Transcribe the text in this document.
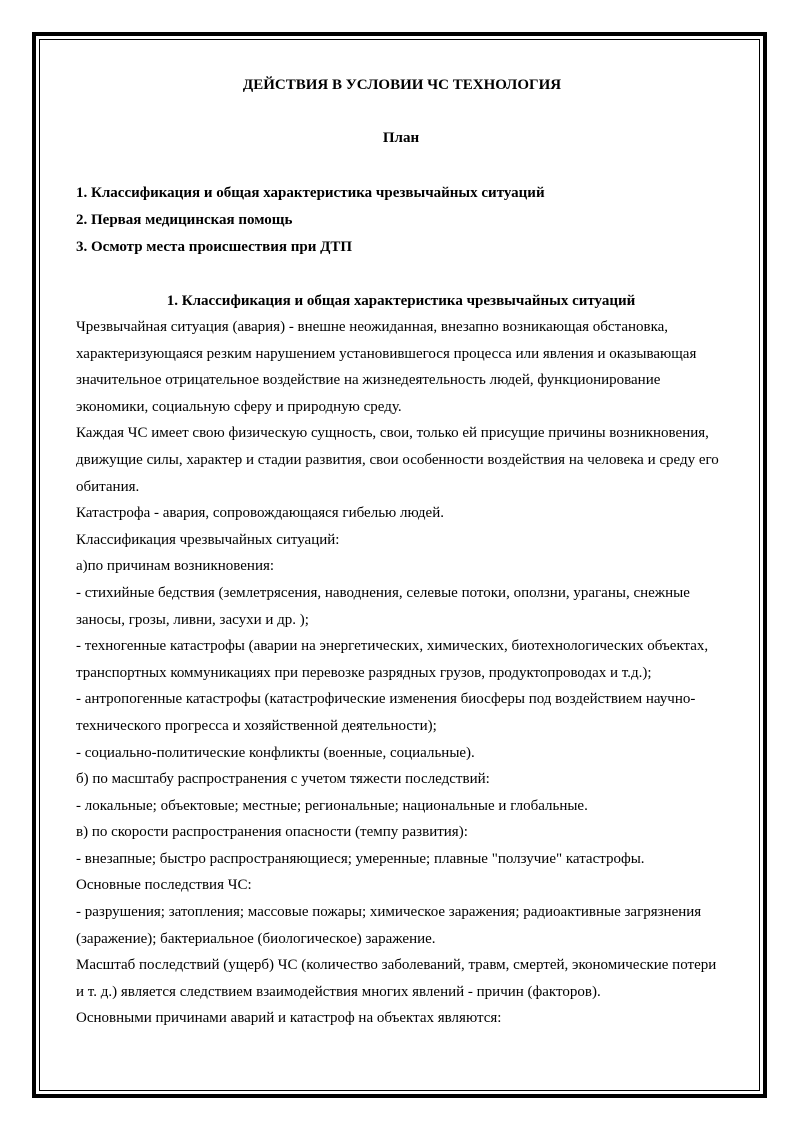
ДЕЙСТВИЯ В УСЛОВИИ ЧС ТЕХНОЛОГИЯ
План
1. Классификация и общая характеристика чрезвычайных ситуаций
2. Первая медицинская помощь
3. Осмотр места происшествия при ДТП
1. Классификация и общая характеристика чрезвычайных ситуаций

Чрезвычайная ситуация (авария) - внешне неожиданная, внезапно возникающая обстановка, характеризующаяся резким нарушением установившегося процесса или явления и оказывающая значительное отрицательное воздействие на жизнедеятельность людей, функционирование экономики, социальную сферу и природную среду.

Каждая ЧС имеет свою физическую сущность, свои, только ей присущие причины возникновения, движущие силы, характер и стадии развития, свои особенности воздействия на человека и среду его обитания.

Катастрофа - авария, сопровождающаяся гибелью людей.

Классификация чрезвычайных ситуаций:

а)по причинам возникновения:

- стихийные бедствия (землетрясения, наводнения, селевые потоки, оползни, ураганы, снежные заносы, грозы, ливни, засухи и др. );

- техногенные катастрофы (аварии на энергетических, химических, биотехнологических объектах, транспортных коммуникациях при перевозке разрядных грузов, продуктопроводах и т.д.);

- антропогенные катастрофы (катастрофические изменения биосферы под воздействием научно-технического прогресса и хозяйственной деятельности);

- социально-политические конфликты (военные, социальные).

б) по масштабу распространения с учетом тяжести последствий:

- локальные; объектовые; местные; региональные; национальные и глобальные.

в) по скорости распространения опасности (темпу развития):

- внезапные; быстро распространяющиеся; умеренные; плавные "ползучие" катастрофы.

Основные последствия ЧС:

- разрушения; затопления; массовые пожары; химическое заражения; радиоактивные загрязнения (заражение); бактериальное (биологическое) заражение.

Масштаб последствий (ущерб) ЧС (количество заболеваний, травм, смертей, экономические потери и т. д.) является следствием взаимодействия многих явлений - причин (факторов).

Основными причинами аварий и катастроф на объектах являются:
